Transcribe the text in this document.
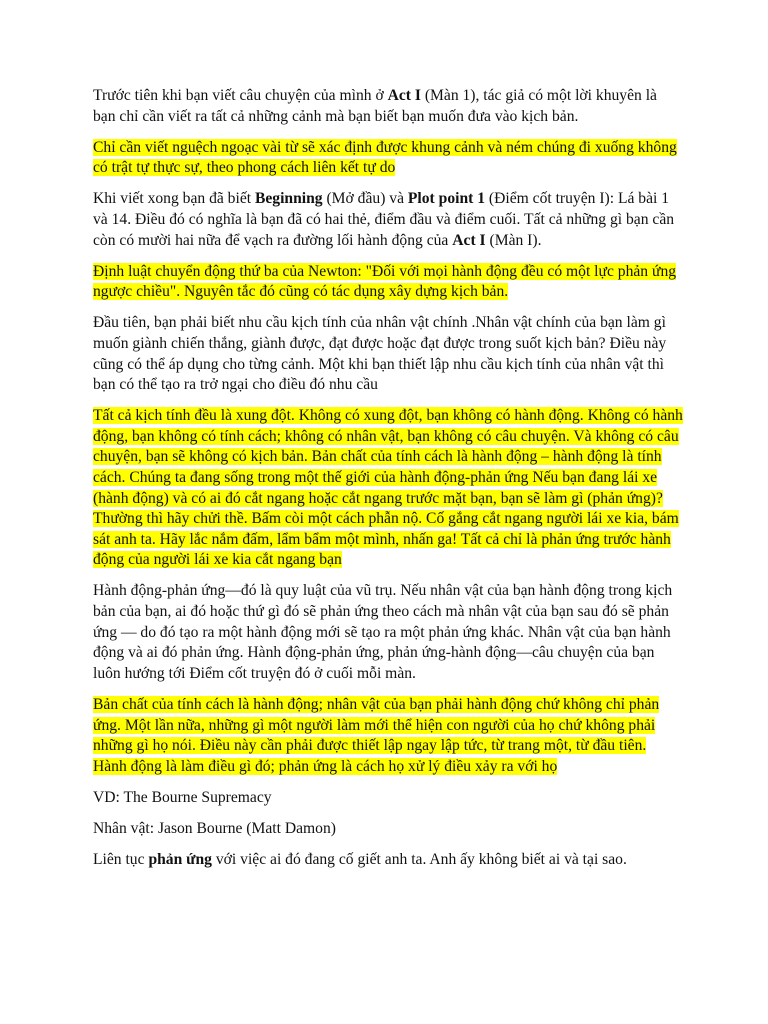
Trước tiên khi bạn viết câu chuyện của mình ở Act I (Màn 1), tác giả có một lời khuyên là bạn chỉ cần viết ra tất cả những cảnh mà bạn biết bạn muốn đưa vào kịch bản.

Chỉ cần viết nguệch ngoạc vài từ sẽ xác định được khung cảnh và ném chúng đi xuống không có trật tự thực sự, theo phong cách liên kết tự do

Khi viết xong bạn đã biết Beginning (Mở đầu) và Plot point 1 (Điểm cốt truyện I): Lá bài 1 và 14. Điều đó có nghĩa là bạn đã có hai thẻ, điểm đầu và điểm cuối. Tất cả những gì bạn cần còn có mười hai nữa để vạch ra đường lối hành động của Act I (Màn I).

Định luật chuyển động thứ ba của Newton: "Đối với mọi hành động đều có một lực phản ứng ngược chiều". Nguyên tắc đó cũng có tác dụng xây dựng kịch bản.

Đầu tiên, bạn phải biết nhu cầu kịch tính của nhân vật chính .Nhân vật chính của bạn làm gì muốn giành chiến thắng, giành được, đạt được hoặc đạt được trong suốt kịch bản? Điều này cũng có thể áp dụng cho từng cảnh. Một khi bạn thiết lập nhu cầu kịch tính của nhân vật thì bạn có thể tạo ra trở ngại cho điều đó nhu cầu

Tất cả kịch tính đều là xung đột. Không có xung đột, bạn không có hành động. Không có hành động, bạn không có tính cách; không có nhân vật, bạn không có câu chuyện. Và không có câu chuyện, bạn sẽ không có kịch bản. Bản chất của tính cách là hành động – hành động là tính cách. Chúng ta đang sống trong một thế giới của hành động-phản ứng Nếu bạn đang lái xe (hành động) và có ai đó cắt ngang hoặc cắt ngang trước mặt bạn, bạn sẽ làm gì (phản ứng)? Thường thì hãy chửi thề. Bấm còi một cách phẫn nộ. Cố gắng cắt ngang người lái xe kia, bám sát anh ta. Hãy lắc nắm đấm, lẩm bẩm một mình, nhấn ga! Tất cả chỉ là phản ứng trước hành động của người lái xe kia cắt ngang bạn

Hành động-phản ứng—đó là quy luật của vũ trụ. Nếu nhân vật của bạn hành động trong kịch bản của bạn, ai đó hoặc thứ gì đó sẽ phản ứng theo cách mà nhân vật của bạn sau đó sẽ phản ứng — do đó tạo ra một hành động mới sẽ tạo ra một phản ứng khác. Nhân vật của bạn hành động và ai đó phản ứng. Hành động-phản ứng, phản ứng-hành động—câu chuyện của bạn luôn hướng tới Điểm cốt truyện đó ở cuối mỗi màn.

Bản chất của tính cách là hành động; nhân vật của bạn phải hành động chứ không chỉ phản ứng. Một lần nữa, những gì một người làm mới thể hiện con người của họ chứ không phải những gì họ nói. Điều này cần phải được thiết lập ngay lập tức, từ trang một, từ đầu tiên. Hành động là làm điều gì đó; phản ứng là cách họ xử lý điều xảy ra với họ

VD: The Bourne Supremacy

Nhân vật: Jason Bourne (Matt Damon)

Liên tục phản ứng với việc ai đó đang cố giết anh ta. Anh ấy không biết ai và tại sao.
